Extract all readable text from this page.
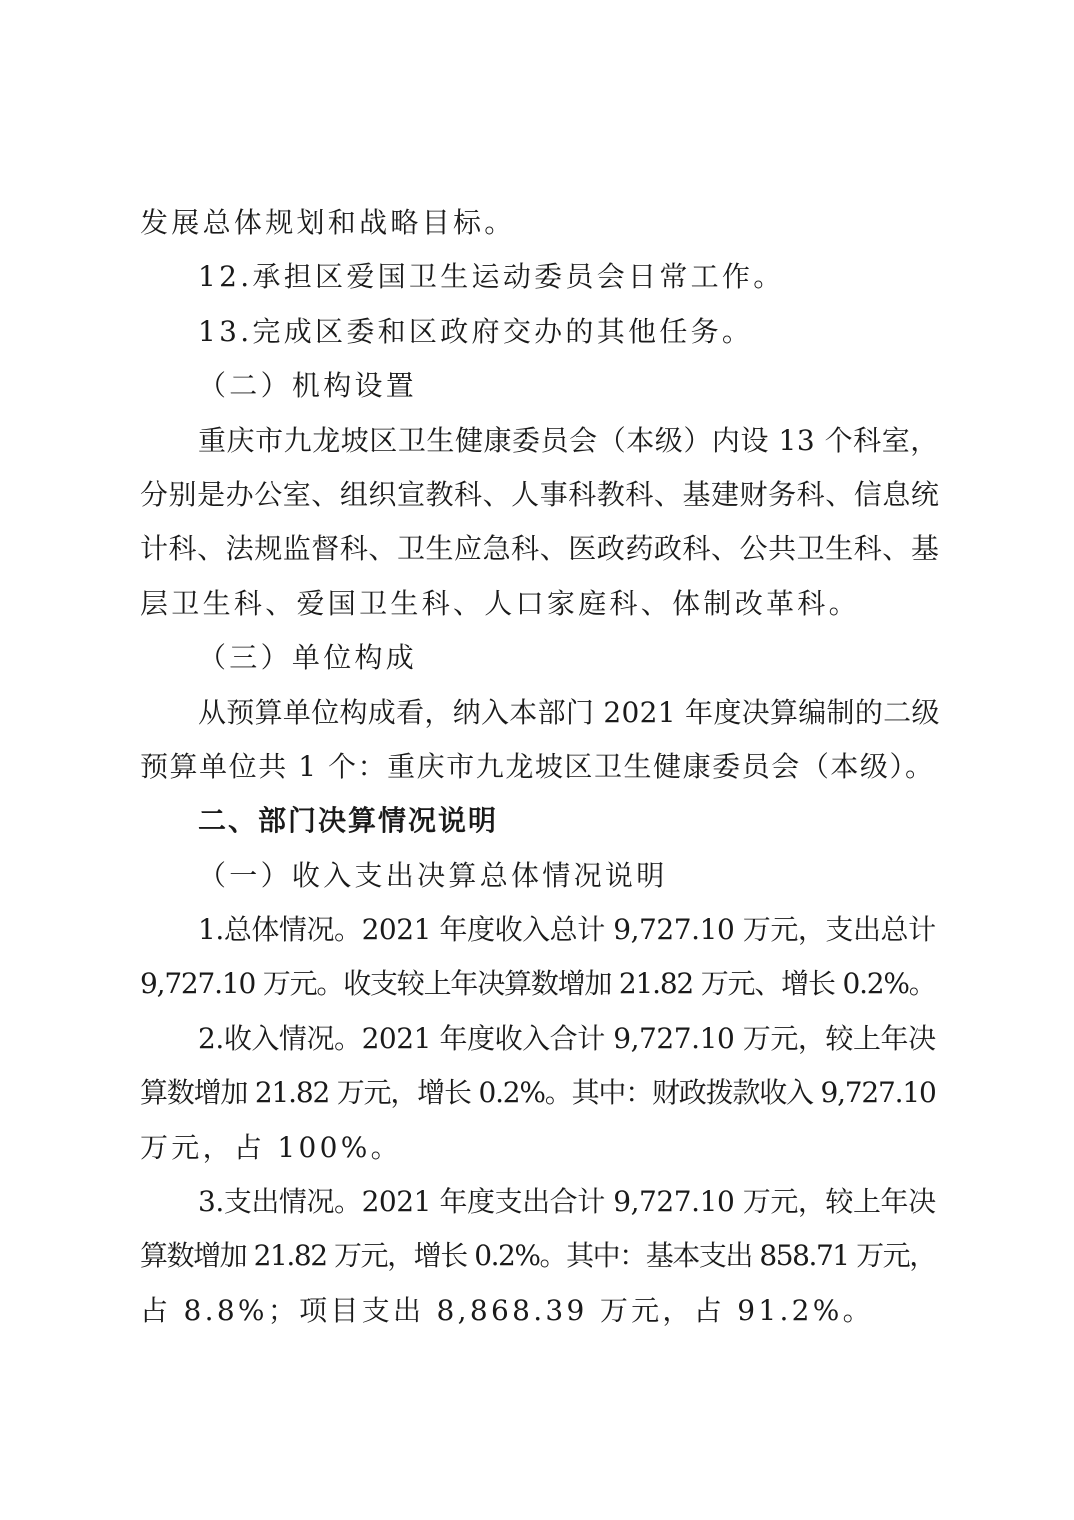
发展总体规划和战略目标。
12.承担区爱国卫生运动委员会日常工作。
13.完成区委和区政府交办的其他任务。
（二）机构设置
重庆市九龙坡区卫生健康委员会（本级）内设 13 个科室，
分别是办公室、组织宣教科、人事科教科、基建财务科、信息统
计科、法规监督科、卫生应急科、医政药政科、公共卫生科、基
层卫生科、爱国卫生科、人口家庭科、体制改革科。
（三）单位构成
从预算单位构成看，纳入本部门 2021 年度决算编制的二级
预算单位共 1 个：重庆市九龙坡区卫生健康委员会（本级）。
二、部门决算情况说明
（一）收入支出决算总体情况说明
1.总体情况。2021 年度收入总计 9,727.10 万元，支出总计
9,727.10 万元。收支较上年决算数增加 21.82 万元、增长 0.2%。
2.收入情况。2021 年度收入合计 9,727.10 万元，较上年决
算数增加 21.82 万元，增长 0.2%。其中：财政拨款收入 9,727.10
万元，占 100%。
3.支出情况。2021 年度支出合计 9,727.10 万元，较上年决
算数增加 21.82 万元，增长 0.2%。其中：基本支出 858.71 万元，
占 8.8%；项目支出 8,868.39 万元，占 91.2%。
